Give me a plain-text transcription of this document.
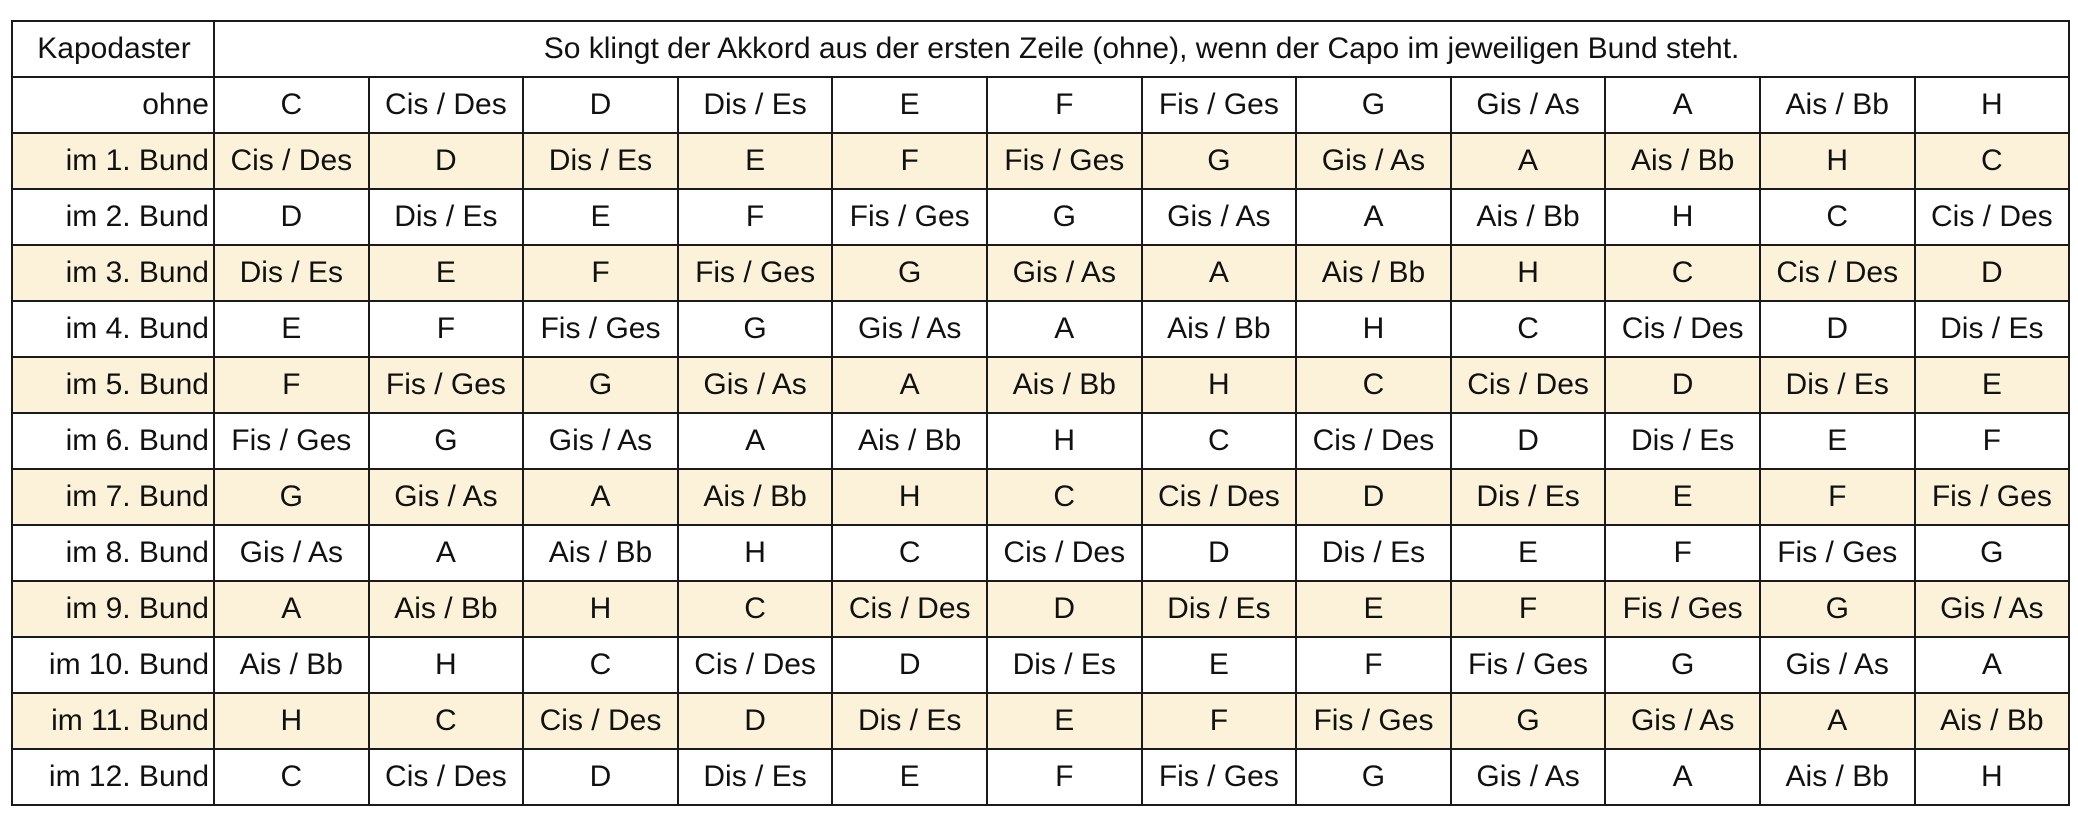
Kapodaster	So klingt der Akkord aus der ersten Zeile (ohne), wenn der Capo im jeweiligen Bund steht.											
ohne	C	Cis / Des	D	Dis / Es	E	F	Fis / Ges	G	Gis / As	A	Ais / Bb	H
im 1. Bund	Cis / Des	D	Dis / Es	E	F	Fis / Ges	G	Gis / As	A	Ais / Bb	H	C
im 2. Bund	D	Dis / Es	E	F	Fis / Ges	G	Gis / As	A	Ais / Bb	H	C	Cis / Des
im 3. Bund	Dis / Es	E	F	Fis / Ges	G	Gis / As	A	Ais / Bb	H	C	Cis / Des	D
im 4. Bund	E	F	Fis / Ges	G	Gis / As	A	Ais / Bb	H	C	Cis / Des	D	Dis / Es
im 5. Bund	F	Fis / Ges	G	Gis / As	A	Ais / Bb	H	C	Cis / Des	D	Dis / Es	E
im 6. Bund	Fis / Ges	G	Gis / As	A	Ais / Bb	H	C	Cis / Des	D	Dis / Es	E	F
im 7. Bund	G	Gis / As	A	Ais / Bb	H	C	Cis / Des	D	Dis / Es	E	F	Fis / Ges
im 8. Bund	Gis / As	A	Ais / Bb	H	C	Cis / Des	D	Dis / Es	E	F	Fis / Ges	G
im 9. Bund	A	Ais / Bb	H	C	Cis / Des	D	Dis / Es	E	F	Fis / Ges	G	Gis / As
im 10. Bund	Ais / Bb	H	C	Cis / Des	D	Dis / Es	E	F	Fis / Ges	G	Gis / As	A
im 11. Bund	H	C	Cis / Des	D	Dis / Es	E	F	Fis / Ges	G	Gis / As	A	Ais / Bb
im 12. Bund	C	Cis / Des	D	Dis / Es	E	F	Fis / Ges	G	Gis / As	A	Ais / Bb	H
